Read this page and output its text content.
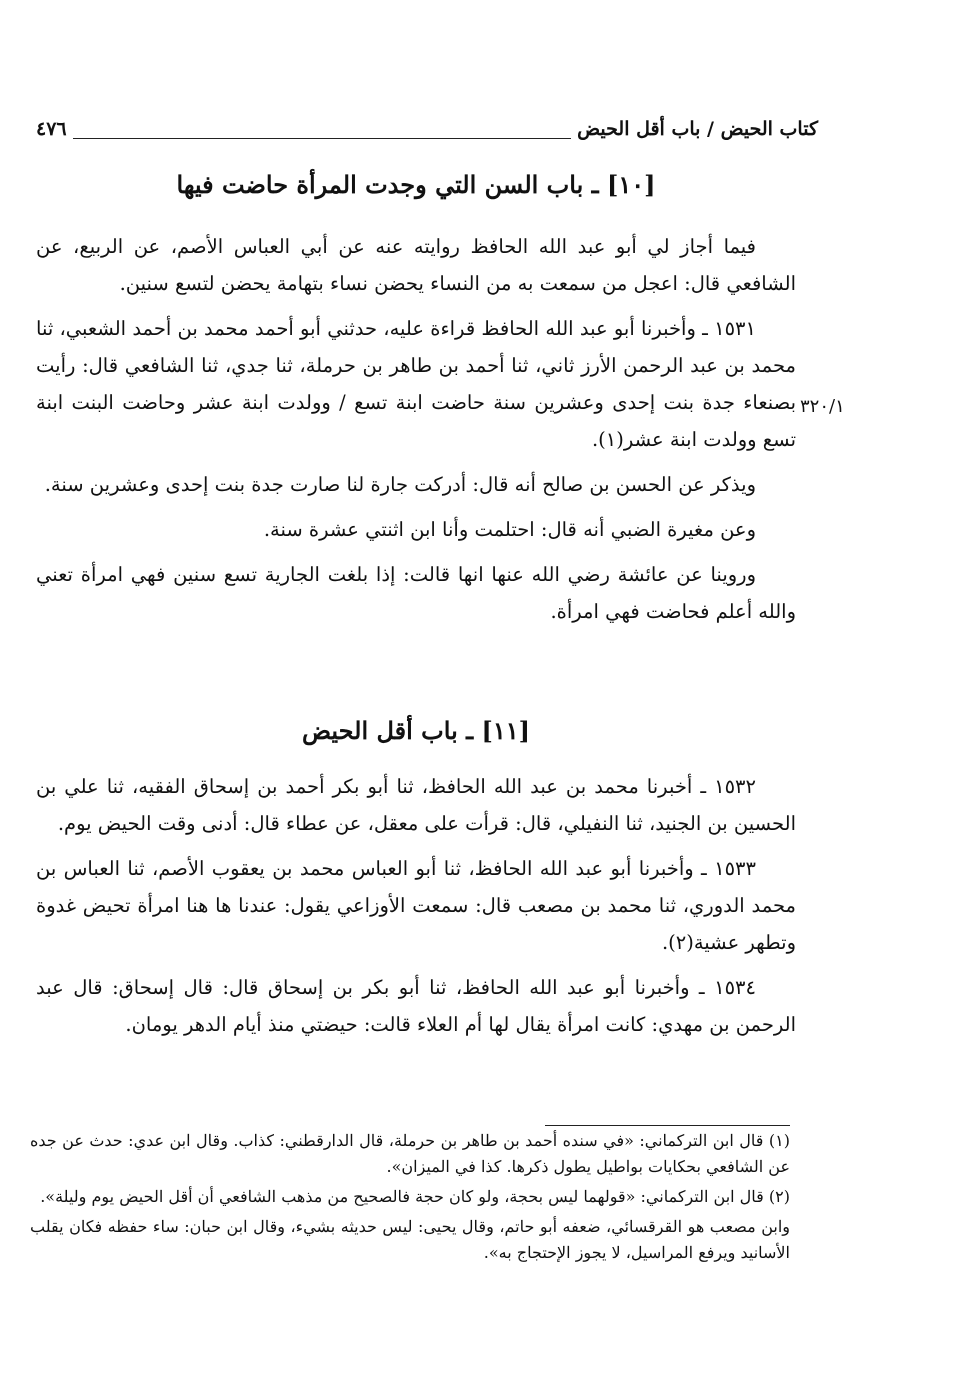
كتاب الحيض / باب أقل الحيض
٤٧٦
[١٠] ـ باب السن التي وجدت المرأة حاضت فيها

فيما أجاز لي أبو عبد الله الحافظ روايته عنه عن أبي العباس الأصم، عن الربيع، عن الشافعي قال: اعجل من سمعت به من النساء يحضن نساء بتهامة يحضن لتسع سنين.

١٥٣١ ـ وأخبرنا أبو عبد الله الحافظ قراءة عليه، حدثني أبو أحمد محمد بن أحمد الشعبي، ثنا محمد بن عبد الرحمن الأرز ثاني، ثنا أحمد بن طاهر بن حرملة، ثنا جدي، ثنا الشافعي قال: رأيت بصنعاء جدة بنت إحدى وعشرين سنة حاضت ابنة تسع / وولدت ابنة عشر وحاضت البنت ابنة تسع وولدت ابنة عشر(١).

ويذكر عن الحسن بن صالح أنه قال: أدركت جارة لنا صارت جدة بنت إحدى وعشرين سنة.

وعن مغيرة الضبي أنه قال: احتلمت وأنا ابن اثنتي عشرة سنة.

وروينا عن عائشة رضي الله عنها انها قالت: إذا بلغت الجارية تسع سنين فهي امرأة تعني والله أعلم فحاضت فهي امرأة.

٣٢٠/١
[١١] ـ باب أقل الحيض

١٥٣٢ ـ أخبرنا محمد بن عبد الله الحافظ، ثنا أبو بكر أحمد بن إسحاق الفقيه، ثنا علي بن الحسين بن الجنيد، ثنا النفيلي، قال: قرأت على معقل، عن عطاء قال: أدنى وقت الحيض يوم.

١٥٣٣ ـ وأخبرنا أبو عبد الله الحافظ، ثنا أبو العباس محمد بن يعقوب الأصم، ثنا العباس بن محمد الدوري، ثنا محمد بن مصعب قال: سمعت الأوزاعي يقول: عندنا ها هنا امرأة تحيض غدوة وتطهر عشية(٢).

١٥٣٤ ـ وأخبرنا أبو عبد الله الحافظ، ثنا أبو بكر بن إسحاق قال: قال إسحاق: قال عبد الرحمن بن مهدي: كانت امرأة يقال لها أم العلاء قالت: حيضتي منذ أيام الدهر يومان.

(١) قال ابن التركماني: «في سنده أحمد بن طاهر بن حرملة، قال الدارقطني: كذاب. وقال ابن عدي: حدث عن جده عن الشافعي بحكايات بواطيل يطول ذكرها. كذا في الميزان».

(٢) قال ابن التركماني: «قولهما ليس بحجة، ولو كان حجة فالصحيح من مذهب الشافعي أن أقل الحيض يوم وليلة».

وابن مصعب هو القرقسائي، ضعفه أبو حاتم، وقال يحيى: ليس حديثه بشيء، وقال ابن حبان: ساء حفظه فكان يقلب الأسانيد ويرفع المراسيل، لا يجوز الإحتجاج به».
